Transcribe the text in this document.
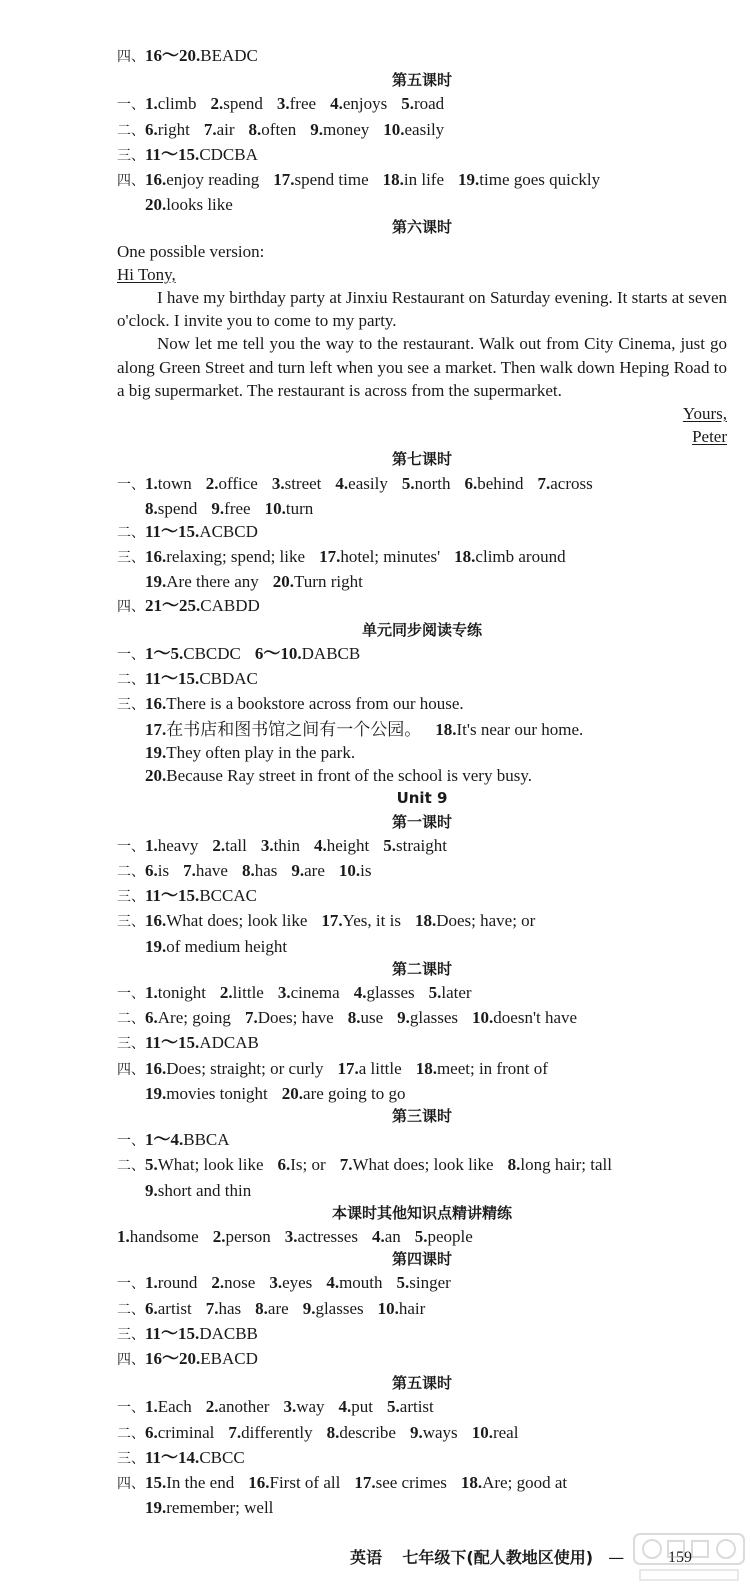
四、16～20.BEADC
第五课时
一、1.climb 2.spend 3.free 4.enjoys 5.road
二、6.right 7.air 8.often 9.money 10.easily
三、11～15.CDCBA
四、16.enjoy reading 17.spend time 18.in life 19.time goes quickly
20.looks like
第六课时
One possible version:
Hi Tony,
I have my birthday party at Jinxiu Restaurant on Saturday evening. It starts at seven o'clock. I invite you to come to my party.
Now let me tell you the way to the restaurant. Walk out from City Cinema, just go along Green Street and turn left when you see a market. Then walk down Heping Road to a big supermarket. The restaurant is across from the supermarket.
Yours,
Peter
第七课时
一、1.town 2.office 3.street 4.easily 5.north 6.behind 7.across
8.spend 9.free 10.turn
二、11～15.ACBCD
三、16.relaxing; spend; like 17.hotel; minutes' 18.climb around
19.Are there any 20.Turn right
四、21～25.CABDD
单元同步阅读专练
一、1～5.CBCDC 6～10.DABCB
二、11～15.CBDAC
三、16.There is a bookstore across from our house.
17.在书店和图书馆之间有一个公园。 18.It's near our home.
19.They often play in the park.
20.Because Ray street in front of the school is very busy.
Unit 9
第一课时
一、1.heavy 2.tall 3.thin 4.height 5.straight
二、6.is 7.have 8.has 9.are 10.is
三、11～15.BCCAC
三、16.What does; look like 17.Yes, it is 18.Does; have; or
19.of medium height
第二课时
一、1.tonight 2.little 3.cinema 4.glasses 5.later
二、6.Are; going 7.Does; have 8.use 9.glasses 10.doesn't have
三、11～15.ADCAB
四、16.Does; straight; or curly 17.a little 18.meet; in front of
19.movies tonight 20.are going to go
第三课时
一、1～4.BBCA
二、5.What; look like 6.Is; or 7.What does; look like 8.long hair; tall
9.short and thin
本课时其他知识点精讲精练
1.handsome 2.person 3.actresses 4.an 5.people
第四课时
一、1.round 2.nose 3.eyes 4.mouth 5.singer
二、6.artist 7.has 8.are 9.glasses 10.hair
三、11～15.DACBB
四、16～20.EBACD
第五课时
一、1.Each 2.another 3.way 4.put 5.artist
二、6.criminal 7.differently 8.describe 9.ways 10.real
三、11～14.CBCC
四、15.In the end 16.First of all 17.see crimes 18.Are; good at
19.remember; well
英语 七年级下(配人教地区使用) —	159
